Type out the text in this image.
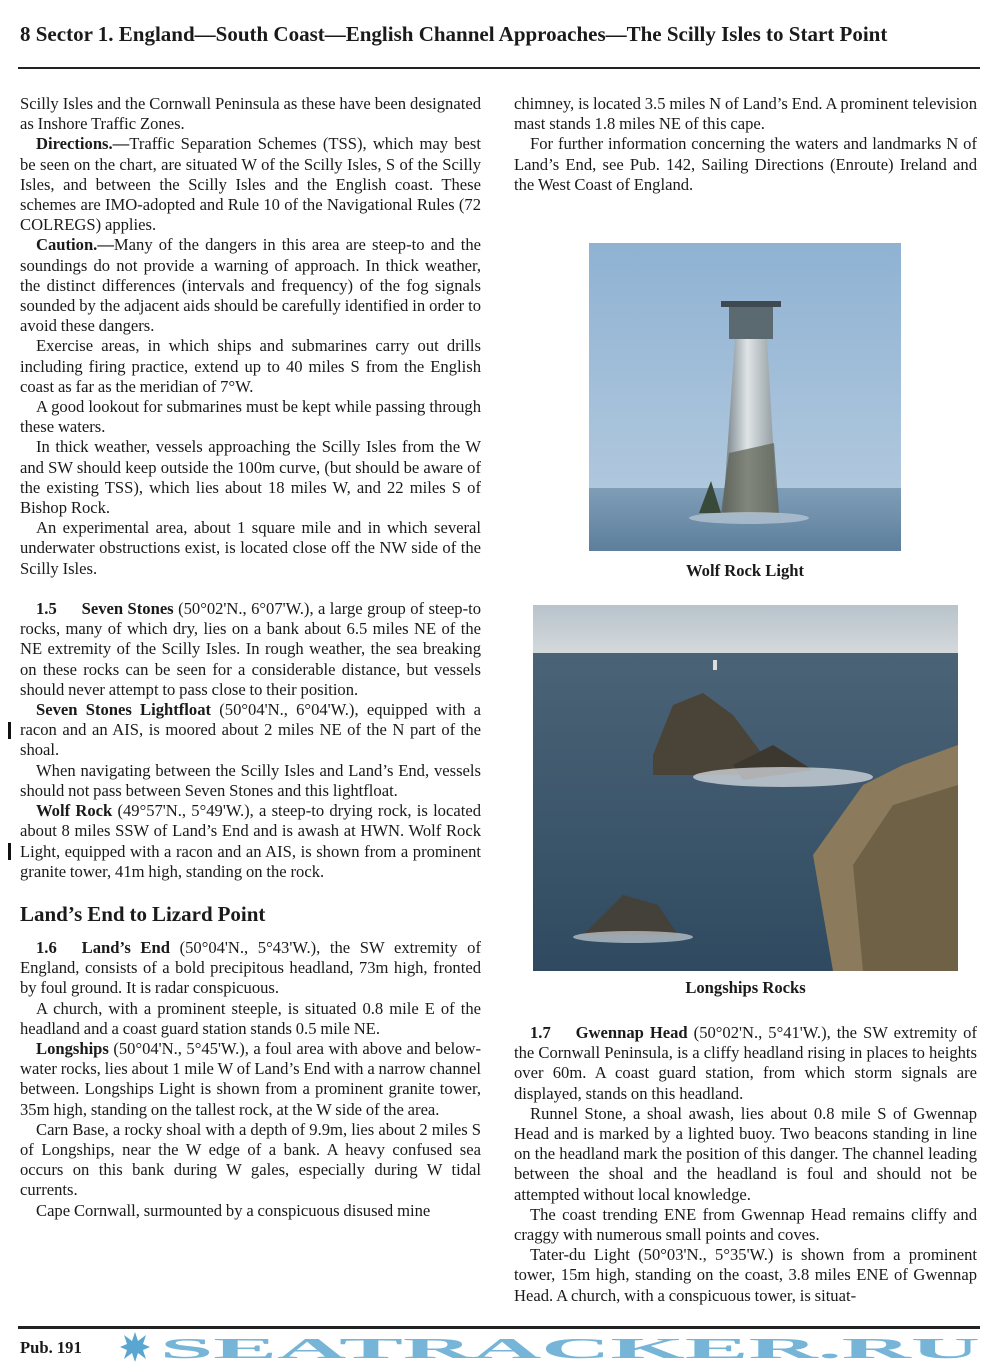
8 Sector 1. England—South Coast—English Channel Approaches—The Scilly Isles to Start Point

Scilly Isles and the Cornwall Peninsula as these have been designated as Inshore Traffic Zones.

Directions.—Traffic Separation Schemes (TSS), which may best be seen on the chart, are situated W of the Scilly Isles, S of the Scilly Isles, and between the Scilly Isles and the English coast. These schemes are IMO-adopted and Rule 10 of the Navigational Rules (72 COLREGS) applies.

Caution.—Many of the dangers in this area are steep-to and the soundings do not provide a warning of approach. In thick weather, the distinct differences (intervals and frequency) of the fog signals sounded by the adjacent aids should be carefully identified in order to avoid these dangers.

Exercise areas, in which ships and submarines carry out drills including firing practice, extend up to 40 miles S from the English coast as far as the meridian of 7°W.

A good lookout for submarines must be kept while passing through these waters.

In thick weather, vessels approaching the Scilly Isles from the W and SW should keep outside the 100m curve, (but should be aware of the existing TSS), which lies about 18 miles W, and 22 miles S of Bishop Rock.

An experimental area, about 1 square mile and in which several underwater obstructions exist, is located close off the NW side of the Scilly Isles.

1.5  Seven Stones (50°02'N., 6°07'W.), a large group of steep-to rocks, many of which dry, lies on a bank about 6.5 miles NE of the NE extremity of the Scilly Isles. In rough weather, the sea breaking on these rocks can be seen for a considerable distance, but vessels should never attempt to pass close to their position.

Seven Stones Lightfloat (50°04'N., 6°04'W.), equipped with a racon and an AIS, is moored about 2 miles NE of the N part of the shoal.

When navigating between the Scilly Isles and Land’s End, vessels should not pass between Seven Stones and this lightfloat.

Wolf Rock (49°57'N., 5°49'W.), a steep-to drying rock, is located about 8 miles SSW of Land’s End and is awash at HWN. Wolf Rock Light, equipped with a racon and an AIS, is shown from a prominent granite tower, 41m high, standing on the rock.

Land’s End to Lizard Point

1.6  Land’s End (50°04'N., 5°43'W.), the SW extremity of England, consists of a bold precipitous headland, 73m high, fronted by foul ground. It is radar conspicuous.

A church, with a prominent steeple, is situated 0.8 mile E of the headland and a coast guard station stands 0.5 mile NE.

Longships (50°04'N., 5°45'W.), a foul area with above and below-water rocks, lies about 1 mile W of Land’s End with a narrow channel between. Longships Light is shown from a prominent granite tower, 35m high, standing on the tallest rock, at the W side of the area.

Carn Base, a rocky shoal with a depth of 9.9m, lies about 2 miles S of Longships, near the W edge of a bank. A heavy confused sea occurs on this bank during W gales, especially during W tidal currents.

Cape Cornwall, surmounted by a conspicuous disused mine

chimney, is located 3.5 miles N of Land’s End. A prominent television mast stands 1.8 miles NE of this cape.

For further information concerning the waters and landmarks N of Land’s End, see Pub. 142, Sailing Directions (Enroute) Ireland and the West Coast of England.

Wolf Rock Light
Longships Rocks

1.7  Gwennap Head (50°02'N., 5°41'W.), the SW extremity of the Cornwall Peninsula, is a cliffy headland rising in places to heights over 60m. A coast guard station, from which storm signals are displayed, stands on this headland.

Runnel Stone, a shoal awash, lies about 0.8 mile S of Gwennap Head and is marked by a lighted buoy. Two beacons standing in line on the headland mark the position of this danger. The channel leading between the shoal and the headland is foul and should not be attempted without local knowledge.

The coast trending ENE from Gwennap Head remains cliffy and craggy with numerous small points and coves.

Tater-du Light (50°03'N., 5°35'W.) is shown from a prominent tower, 15m high, standing on the coast, 3.8 miles ENE of Gwennap Head. A church, with a conspicuous tower, is situat-

Pub. 191	SEATRACKER.RU
